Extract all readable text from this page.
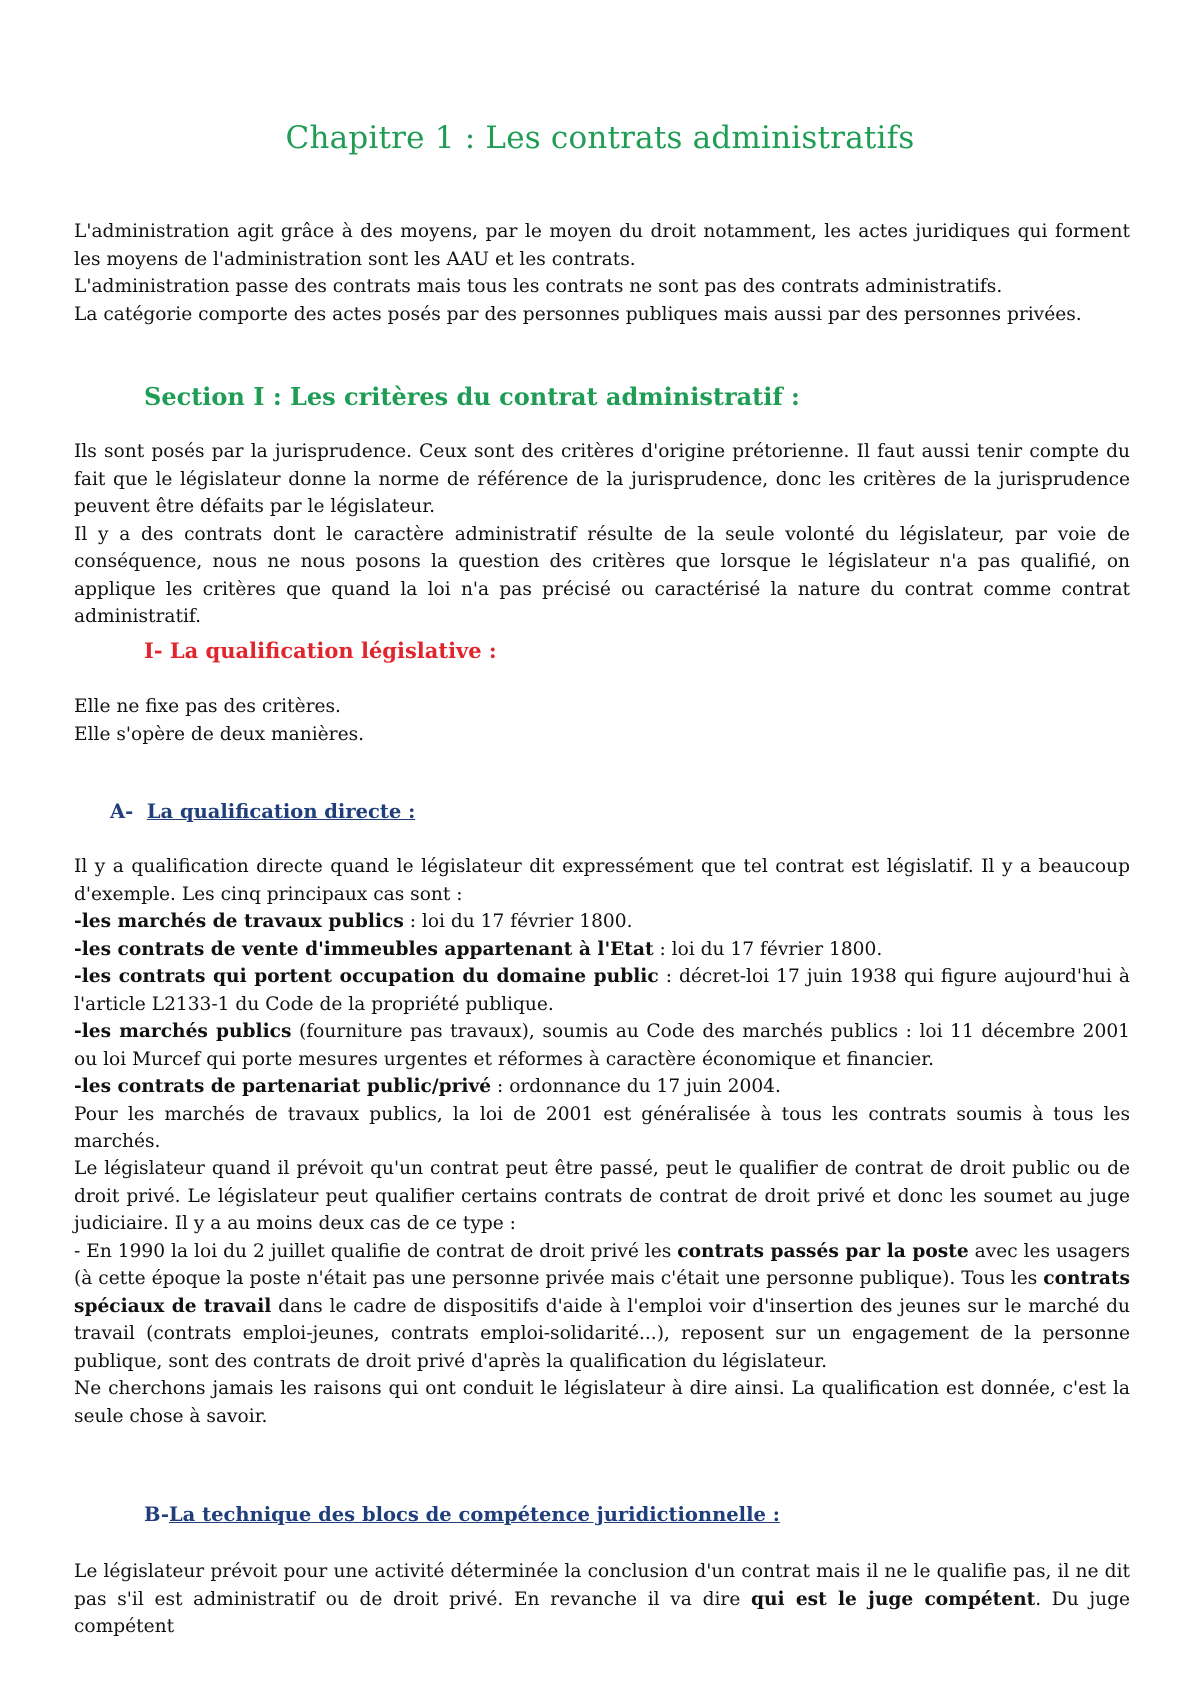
Chapitre 1 : Les contrats administratifs

L'administration agit grâce à des moyens, par le moyen du droit notamment, les actes juridiques qui forment les moyens de l'administration sont les AAU et les contrats.

L'administration passe des contrats mais tous les contrats ne sont pas des contrats administratifs.

La catégorie comporte des actes posés par des personnes publiques mais aussi par des personnes privées.

Section I : Les critères du contrat administratif :

Ils sont posés par la jurisprudence. Ceux sont des critères d'origine prétorienne. Il faut aussi tenir compte du fait que le législateur donne la norme de référence de la jurisprudence, donc les critères de la jurisprudence peuvent être défaits par le législateur.

Il y a des contrats dont le caractère administratif résulte de la seule volonté du législateur, par voie de conséquence, nous ne nous posons la question des critères que lorsque le législateur n'a pas qualifié, on applique les critères que quand la loi n'a pas précisé ou caractérisé la nature du contrat comme contrat administratif.

I- La qualification législative :

Elle ne fixe pas des critères.

Elle s'opère de deux manières.

A- La qualification directe :

Il y a qualification directe quand le législateur dit expressément que tel contrat est législatif. Il y a beaucoup d'exemple. Les cinq principaux cas sont :

-les marchés de travaux publics : loi du 17 février 1800.

-les contrats de vente d'immeubles appartenant à l'Etat : loi du 17 février 1800.

-les contrats qui portent occupation du domaine public : décret-loi 17 juin 1938 qui figure aujourd'hui à l'article L2133-1 du Code de la propriété publique.

-les marchés publics (fourniture pas travaux), soumis au Code des marchés publics : loi 11 décembre 2001 ou loi Murcef qui porte mesures urgentes et réformes à caractère économique et financier.

-les contrats de partenariat public/privé : ordonnance du 17 juin 2004.

Pour les marchés de travaux publics, la loi de 2001 est généralisée à tous les contrats soumis à tous les marchés.

Le législateur quand il prévoit qu'un contrat peut être passé, peut le qualifier de contrat de droit public ou de droit privé. Le législateur peut qualifier certains contrats de contrat de droit privé et donc les soumet au juge judiciaire. Il y a au moins deux cas de ce type :

- En 1990 la loi du 2 juillet qualifie de contrat de droit privé les contrats passés par la poste avec les usagers (à cette époque la poste n'était pas une personne privée mais c'était une personne publique). Tous les contrats spéciaux de travail dans le cadre de dispositifs d'aide à l'emploi voir d'insertion des jeunes sur le marché du travail (contrats emploi-jeunes, contrats emploi-solidarité...), reposent sur un engagement de la personne publique, sont des contrats de droit privé d'après la qualification du législateur.

Ne cherchons jamais les raisons qui ont conduit le législateur à dire ainsi. La qualification est donnée, c'est la seule chose à savoir.

B-La technique des blocs de compétence juridictionnelle :

Le législateur prévoit pour une activité déterminée la conclusion d'un contrat mais il ne le qualifie pas, il ne dit pas s'il est administratif ou de droit privé. En revanche il va dire qui est le juge compétent. Du juge compétent
